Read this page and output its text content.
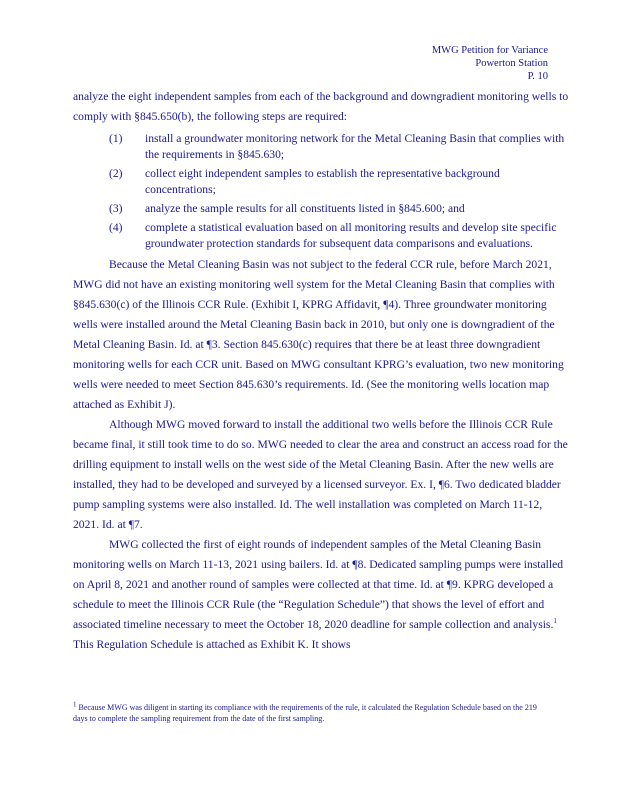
MWG Petition for Variance
Powerton Station
P. 10

analyze the eight independent samples from each of the background and downgradient monitoring wells to comply with §845.650(b), the following steps are required:

(1) install a groundwater monitoring network for the Metal Cleaning Basin that complies with the requirements in §845.630;
(2) collect eight independent samples to establish the representative background concentrations;
(3) analyze the sample results for all constituents listed in §845.600; and
(4) complete a statistical evaluation based on all monitoring results and develop site specific groundwater protection standards for subsequent data comparisons and evaluations.

Because the Metal Cleaning Basin was not subject to the federal CCR rule, before March 2021, MWG did not have an existing monitoring well system for the Metal Cleaning Basin that complies with §845.630(c) of the Illinois CCR Rule. (Exhibit I, KPRG Affidavit, ¶4). Three groundwater monitoring wells were installed around the Metal Cleaning Basin back in 2010, but only one is downgradient of the Metal Cleaning Basin. Id. at ¶3. Section 845.630(c) requires that there be at least three downgradient monitoring wells for each CCR unit. Based on MWG consultant KPRG’s evaluation, two new monitoring wells were needed to meet Section 845.630’s requirements. Id. (See the monitoring wells location map attached as Exhibit J).

Although MWG moved forward to install the additional two wells before the Illinois CCR Rule became final, it still took time to do so. MWG needed to clear the area and construct an access road for the drilling equipment to install wells on the west side of the Metal Cleaning Basin. After the new wells are installed, they had to be developed and surveyed by a licensed surveyor. Ex. I, ¶6. Two dedicated bladder pump sampling systems were also installed. Id. The well installation was completed on March 11-12, 2021. Id. at ¶7.

MWG collected the first of eight rounds of independent samples of the Metal Cleaning Basin monitoring wells on March 11-13, 2021 using bailers. Id. at ¶8. Dedicated sampling pumps were installed on April 8, 2021 and another round of samples were collected at that time. Id. at ¶9. KPRG developed a schedule to meet the Illinois CCR Rule (the “Regulation Schedule”) that shows the level of effort and associated timeline necessary to meet the October 18, 2020 deadline for sample collection and analysis.$^1$ This Regulation Schedule is attached as Exhibit K. It shows

$^1$ Because MWG was diligent in starting its compliance with the requirements of the rule, it calculated the Regulation Schedule based on the 219 days to complete the sampling requirement from the date of the first sampling.
